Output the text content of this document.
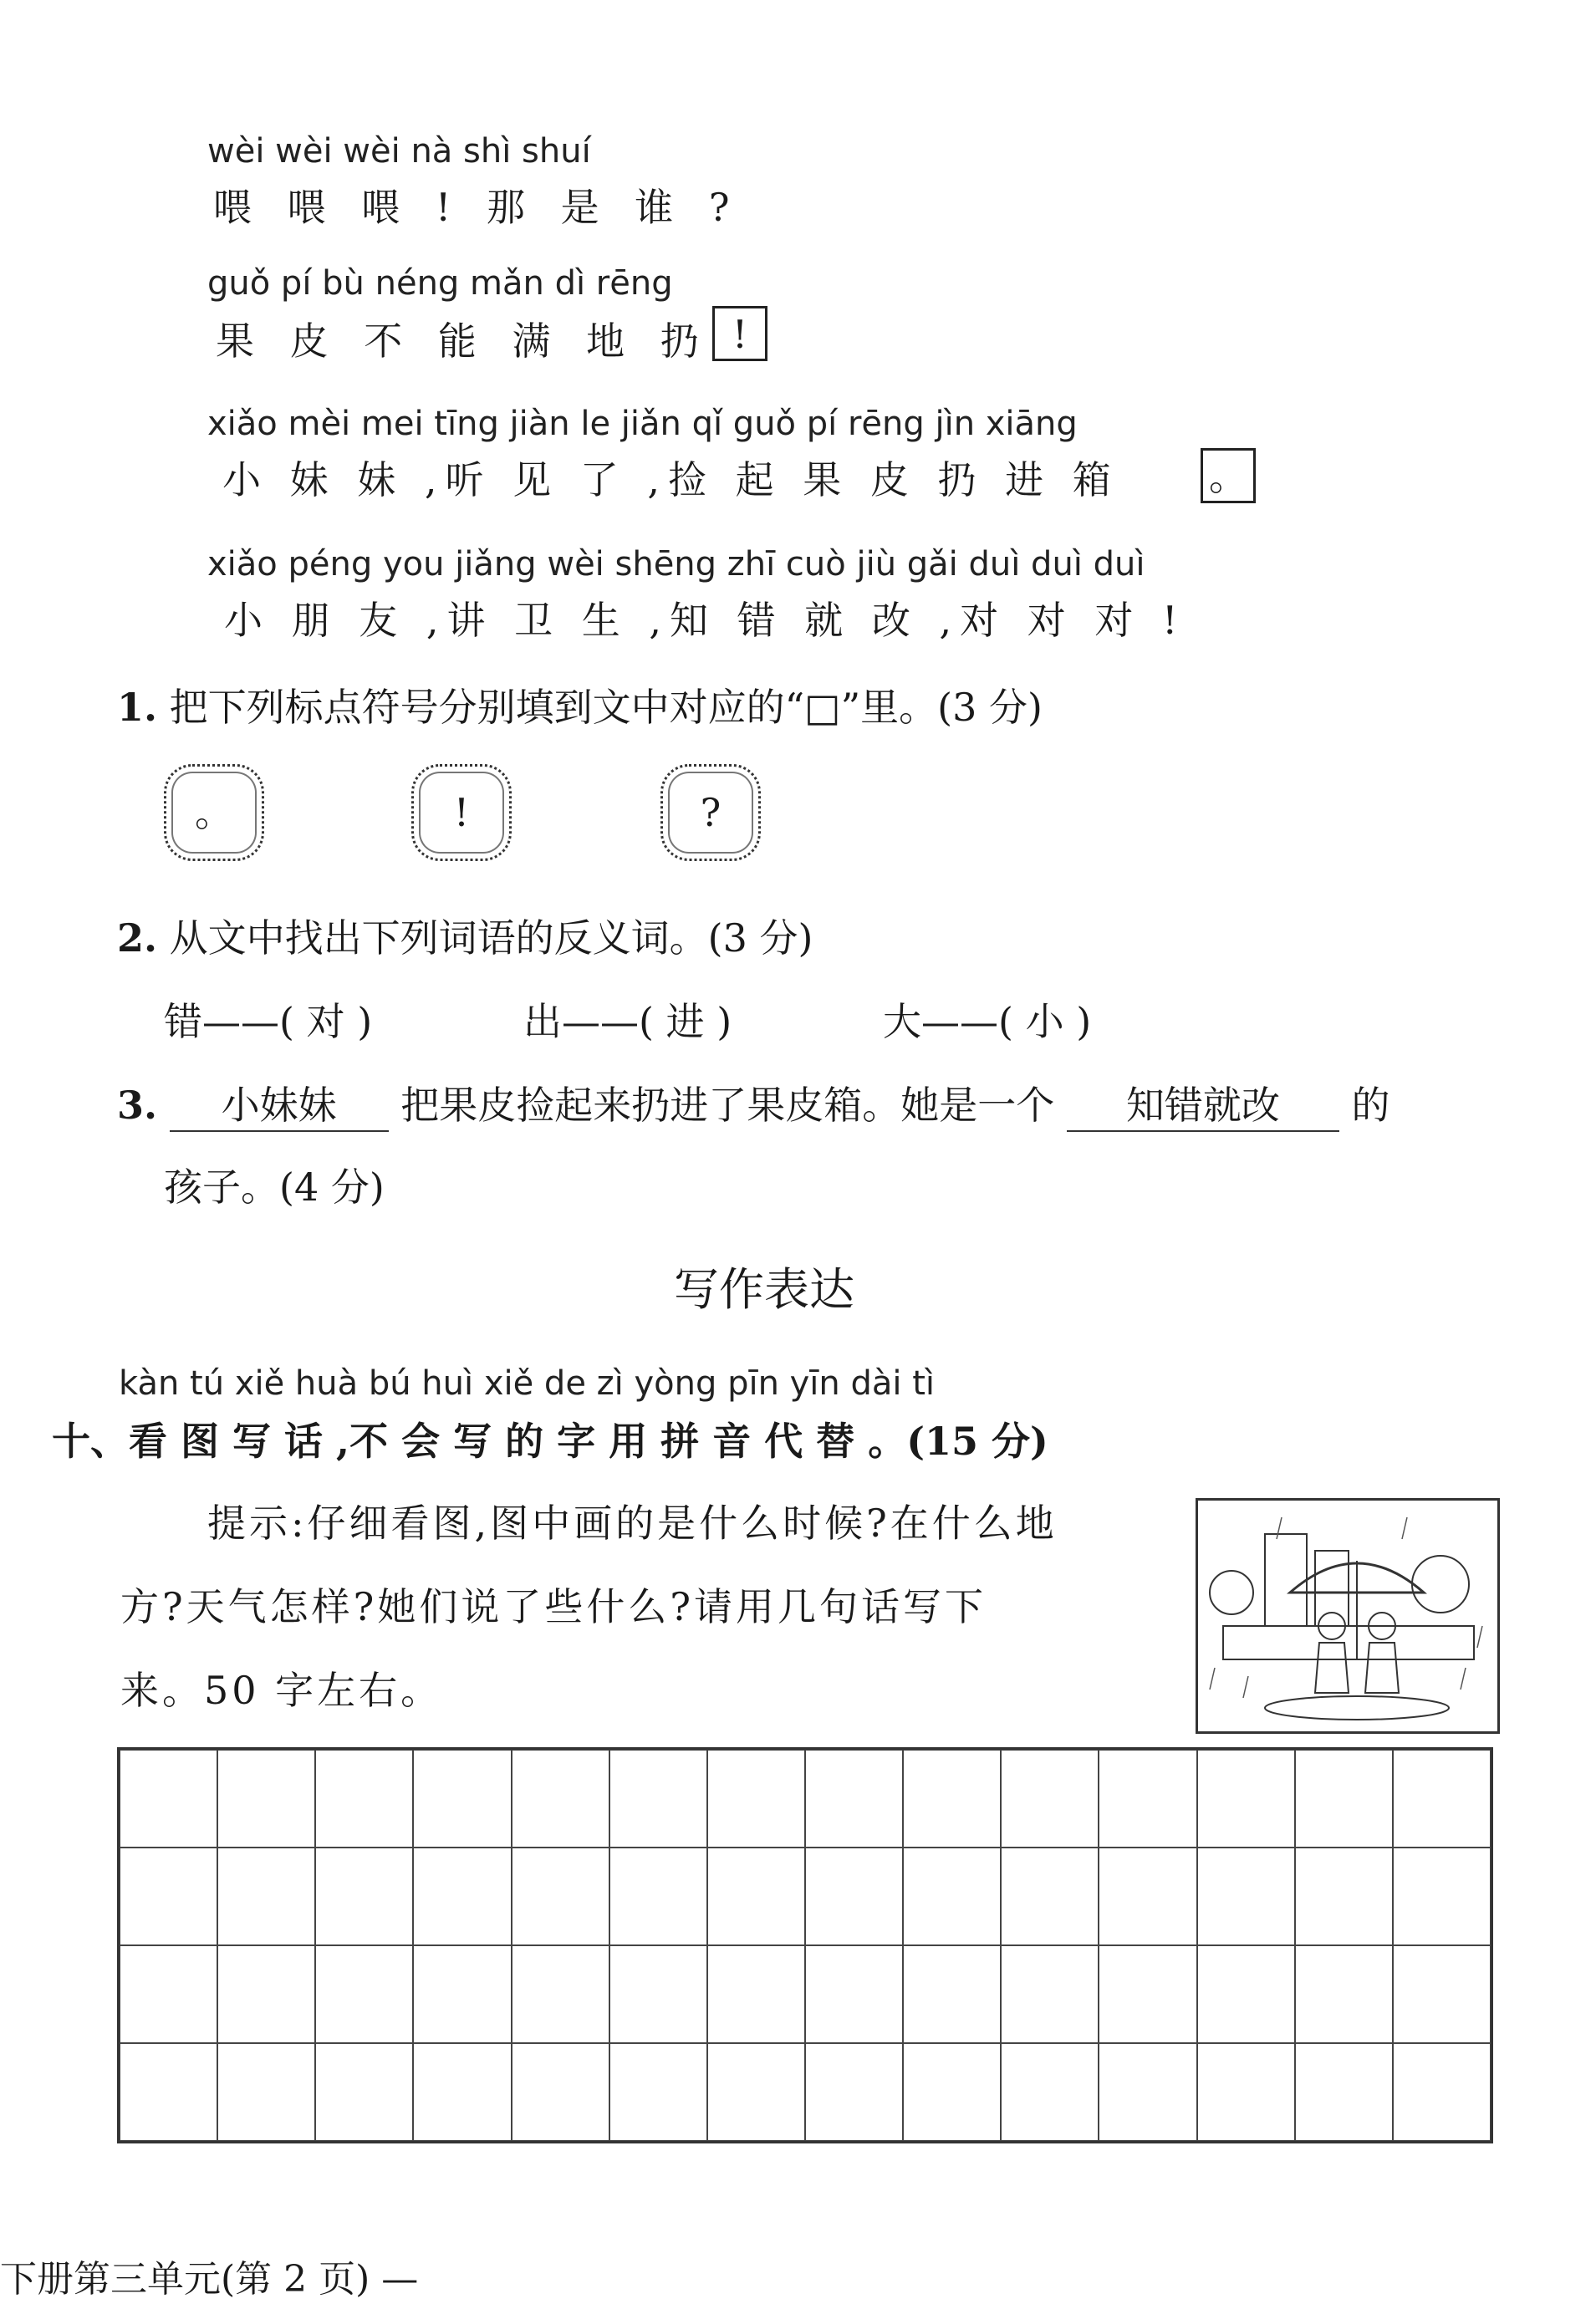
wèi wèi wèi nà shì shuí
喂 喂 喂 ! 那 是 谁 ?
guǒ pí bù néng mǎn dì rēng
果 皮 不 能 满 地 扔 !
xiǎo mèi mei tīng jiàn le jiǎn qǐ guǒ pí rēng jìn xiāng
小 妹 妹 ,听 见 了 ,捡 起 果 皮 扔 进 箱 。
xiǎo péng you jiǎng wèi shēng zhī cuò jiù gǎi duì duì duì
小 朋 友 ,讲 卫 生 ,知 错 就 改 ,对 对 对 !
1. 把下列标点符号分别填到文中对应的“□”里。(3 分)
。	!	?
2. 从文中找出下列词语的反义词。(3 分)
错——( 对 )	出——( 进 )	大——( 小 )
3. 小妹妹 把果皮捡起来扔进了果皮箱。她是一个 知错就改 的
孩子。(4 分)
写作表达
kàn tú xiě huà bú huì xiě de zì yòng pīn yīn dài tì
十、看 图 写 话 ,不 会 写 的 字 用 拼 音 代 替 。(15 分)
提示:仔细看图,图中画的是什么时候?在什么地
方?天气怎样?她们说了些什么?请用几句话写下
来。50 字左右。
下册第三单元(第 2 页) —
